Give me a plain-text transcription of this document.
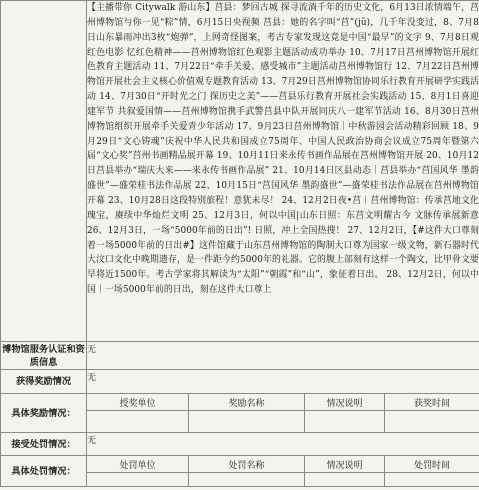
	【主播带你 Citywalk 游山东】莒县：梦回古城 探寻流淌千年的历史文化，6月13日浓情端午，莒州博物馆与你一见“粽”情，6月15日央视频 莒县：她的名字叫“莒”(jǔ)，几千年没变过，8、7月8日山东暴雨冲出3枚“炮弹”，上网奇怪图案，考古专家发现这竟是中国“最早”的文字 9、7月8日观红色电影 忆红色精神——莒州博物馆红色观影主题活动成功举办 10、7月17日莒州博物馆开展红色教育主题活动 11、7月22日“牵手关爱、感受城市”主题活动莒州博物馆行 12、7月22日莒州博物馆开展社会主义核心价值观专题教育活动 13、7月29日莒州博物馆协同乐行教育开展研学实践活动 14、7月30日“开时光之门 探历史之美”——莒县乐行教育开展社会实践活动 15、8月1日喜迎建军节 共叙爱国情——莒州博物馆携手武警莒县中队开展同庆八一建军节活动 16、8月30日莒州博物馆组织开展牵手关爱青少年活动 17、9月23日莒州博物馆｜中秋游园会活动精彩回顾 18、9月29日“文心铸魂”庆祝中华人民共和国成立75周年、中国人民政治协商会议成立75周年暨第六届“文心奖”莒州书画精品展开幕 19、10月11日来永传书画作品展在莒州博物馆开展 20、10月12日莒县举办“瑞庆大来——来永传书画作品展” 21、10月14日区县动态｜莒县举办“莒国风华 墨韵盛世”—盛荣桂书法作品展 22、10月15日“莒国风华 墨韵盛世”—盛荣桂书法作品展在莒州博物馆开幕 23、10月28日这段特别旅程！意犹未尽！ 24、12月2日夜•莒｜莒州博物馆：传承莒地文化瑰宝，赓续中华灿烂文明 25、12月3日，何以中国|山东日照：东莒文明耀古今 文脉传承展新意 26、12月3日，一场“5000年前的日出”! 日照，冲上全国热搜！ 27、12月2日，【#这件大口尊刻着一场5000年前的日出#】这件馆藏于山东莒州博物馆的陶制大口尊为国家一级文物，新石器时代大汶口文化中晚期遗存，是一件距今约5000年的礼器。它的腹上部刻有这样一个陶文，比甲骨文要早将近1500年。考古学家将其解读为“太阳”“朝霞”和“山”，象征着日出。 28、12月2日，何以中国｜一场5000年前的日出，刻在这件大口尊上			
博物馆服务认证和资质信息	无			
获得奖励情况	无			
具体奖励情况：	授奖单位	奖励名称	情况说明	获奖时间

接受处罚情况：	无			
具体处罚情况：	处罚单位	处罚名称	情况说明	处罚时间
